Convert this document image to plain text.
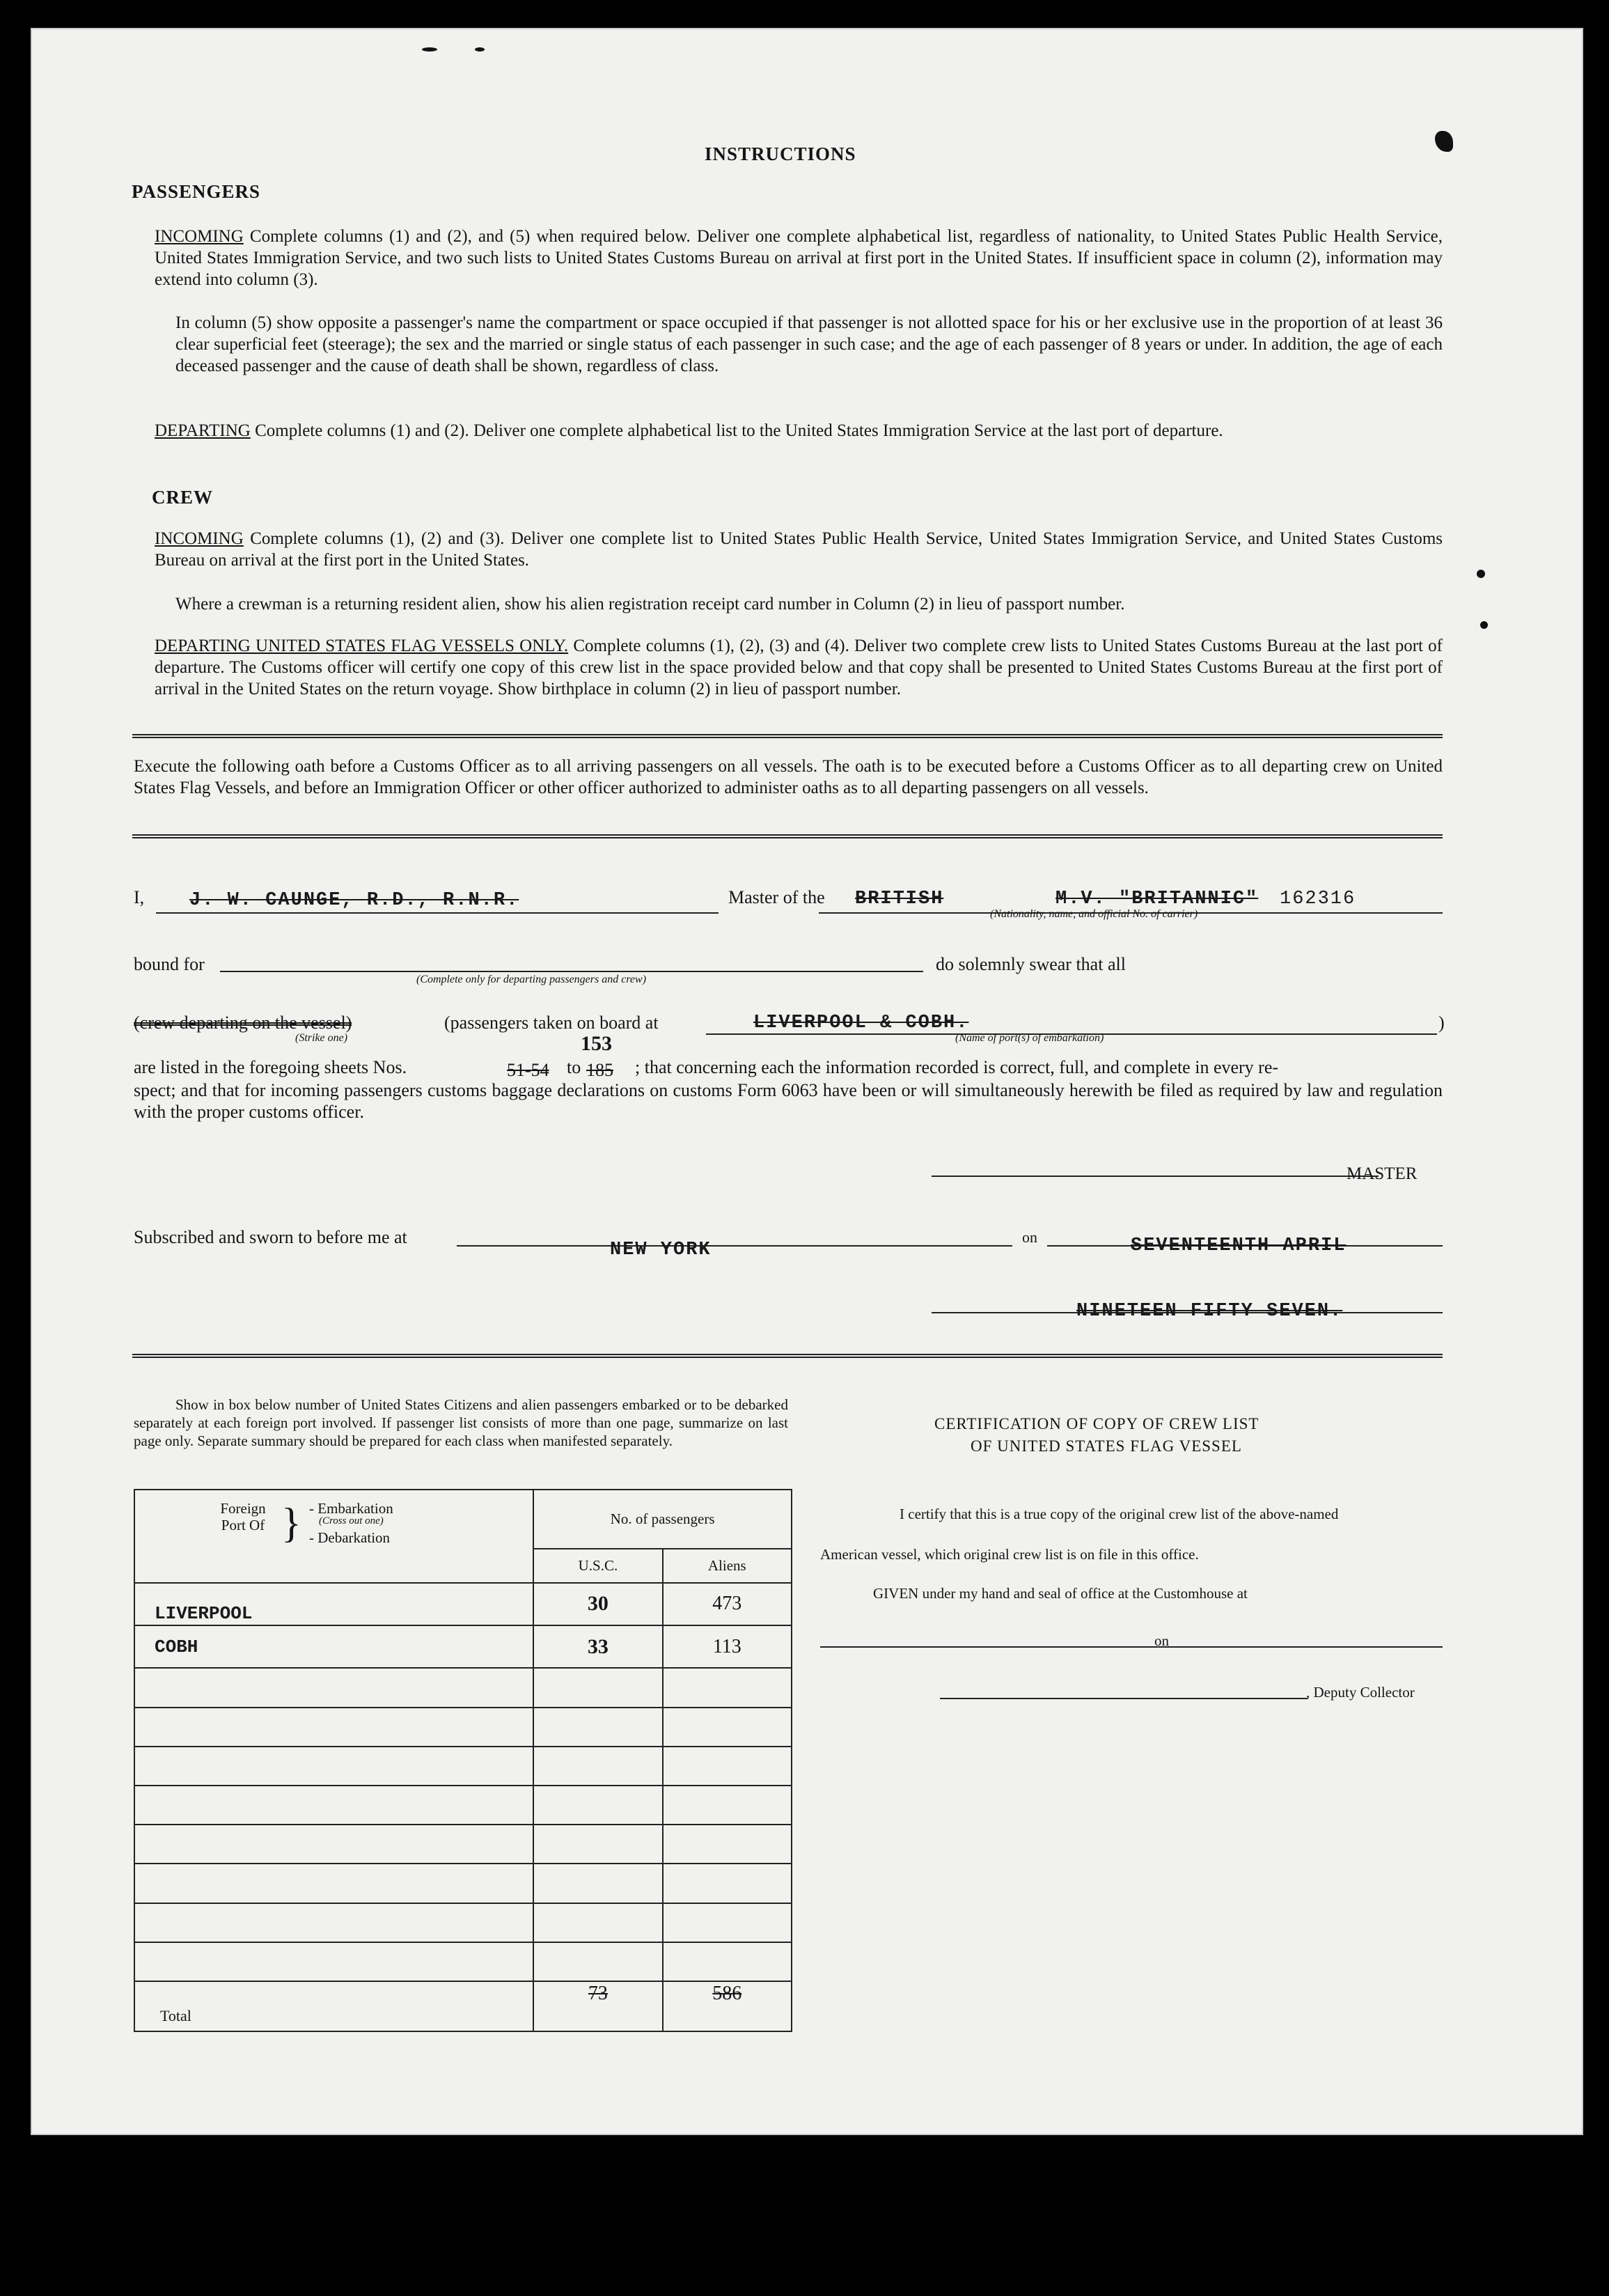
INSTRUCTIONS
PASSENGERS
INCOMING Complete columns (1) and (2), and (5) when required below. Deliver one complete alphabetical list, regardless of nationality, to United States Public Health Service, United States Immigration Service, and two such lists to United States Customs Bureau on arrival at first port in the United States. If insufficient space in column (2), information may extend into column (3).
In column (5) show opposite a passenger's name the compartment or space occupied if that passenger is not allotted space for his or her exclusive use in the proportion of at least 36 clear superficial feet (steerage); the sex and the married or single status of each passenger in such case; and the age of each passenger of 8 years or under. In addition, the age of each deceased passenger and the cause of death shall be shown, regardless of class.
DEPARTING Complete columns (1) and (2). Deliver one complete alphabetical list to the United States Immigration Service at the last port of departure.
CREW
INCOMING Complete columns (1), (2) and (3). Deliver one complete list to United States Public Health Service, United States Immigration Service, and United States Customs Bureau on arrival at the first port in the United States.
Where a crewman is a returning resident alien, show his alien registration receipt card number in Column (2) in lieu of passport number.
DEPARTING UNITED STATES FLAG VESSELS ONLY. Complete columns (1), (2), (3) and (4). Deliver two complete crew lists to United States Customs Bureau at the last port of departure. The Customs officer will certify one copy of this crew list in the space provided below and that copy shall be presented to United States Customs Bureau at the first port of arrival in the United States on the return voyage. Show birthplace in column (2) in lieu of passport number.
Execute the following oath before a Customs Officer as to all arriving passengers on all vessels. The oath is to be executed before a Customs Officer as to all departing crew on United States Flag Vessels, and before an Immigration Officer or other officer authorized to administer oaths as to all departing passengers on all vessels.
I, J. W. CAUNGE, R.D., R.N.R.	Master of the BRITISH	M.V. "BRITANNIC" 162316
(Nationality, name, and official No. of carrier)
bound for
(Complete only for departing passengers and crew)
do solemnly swear that all
(crew departing on the vessel)
(Strike one)
(passengers taken on board at	LIVERPOOL & COBH.
(Name of port(s) of embarkation)
)
are listed in the foregoing sheets Nos.	51-54 to
153
185 ; that concerning each the information recorded is correct, full, and complete in every re-
spect; and that for incoming passengers customs baggage declarations on customs Form 6063 have been or will simultaneously herewith be filed as required by law and regulation with the proper customs officer.
MASTER
Subscribed and sworn to before me at
NEW YORK
on	SEVENTEENTH APRIL
NINETEEN FIFTY SEVEN.
Show in box below number of United States Citizens and alien passengers embarked or to be debarked separately at each foreign port involved. If passenger list consists of more than one page, summarize on last page only. Separate summary should be prepared for each class when manifested separately.
Foreign Port Of } - Embarkation
(Cross out one)
- Debarkation	No. of passengers	
	U.S.C.	Aliens
LIVERPOOL	30	473
COBH	33	113

Total	73	586
CERTIFICATION OF COPY OF CREW LIST
OF UNITED STATES FLAG VESSEL
I certify that this is a true copy of the original crew list of the above-named
American vessel, which original crew list is on file in this office.
GIVEN under my hand and seal of office at the Customhouse at
on
, Deputy Collector
